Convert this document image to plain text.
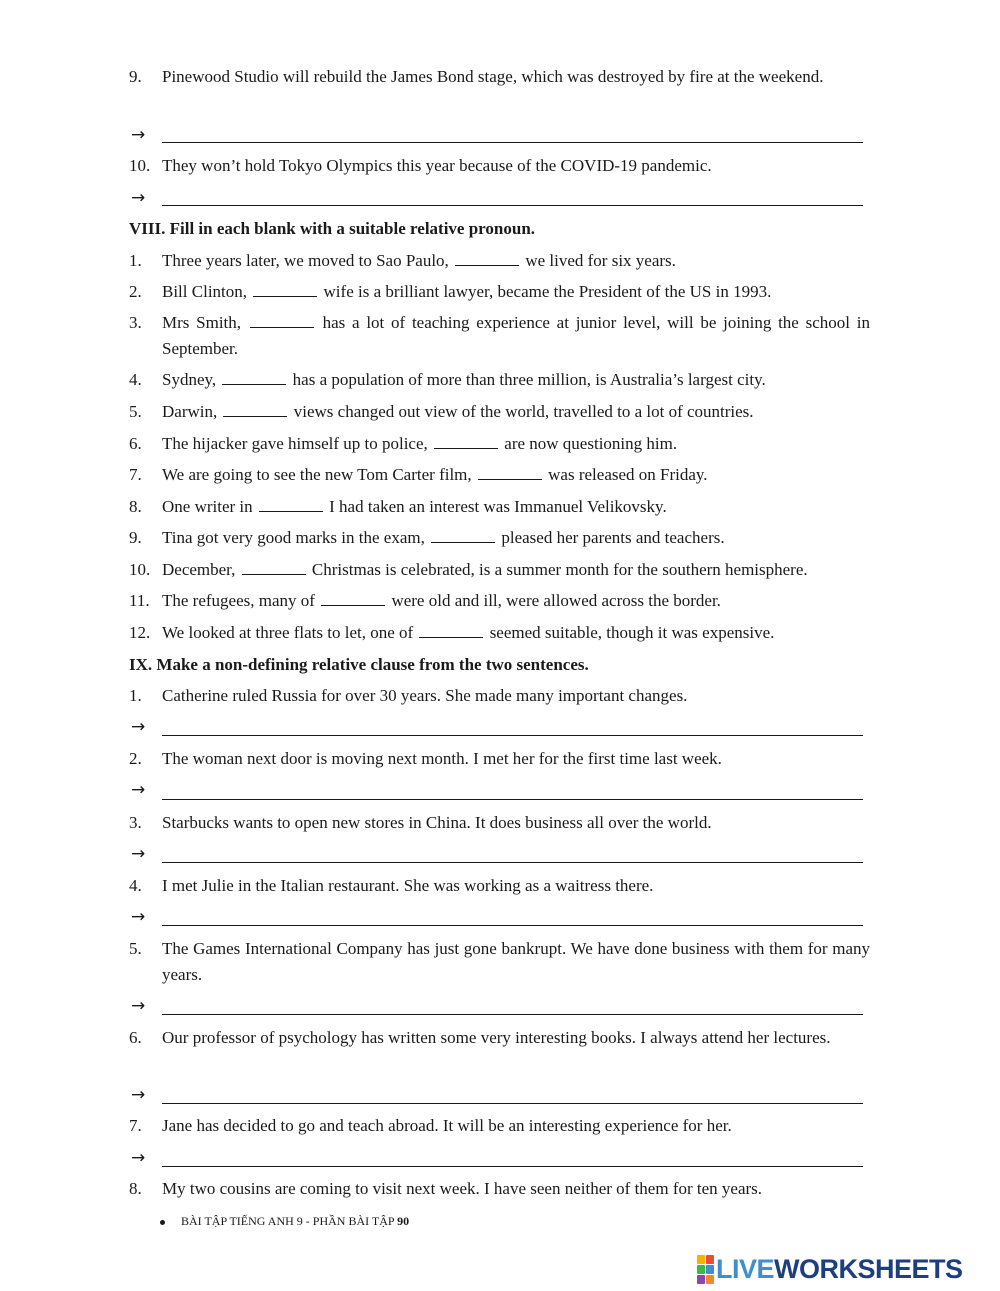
9. Pinewood Studio will rebuild the James Bond stage, which was destroyed by fire at the weekend.
→
10. They won’t hold Tokyo Olympics this year because of the COVID-19 pandemic.
→
VIII. Fill in each blank with a suitable relative pronoun.
1. Three years later, we moved to Sao Paulo,	we lived for six years.
2. Bill Clinton,	wife is a brilliant lawyer, became the President of the US in 1993.
3. Mrs Smith,	has a lot of teaching experience at junior level, will be joining the school in September.
4. Sydney,	has a population of more than three million, is Australia’s largest city.
5. Darwin,	views changed out view of the world, travelled to a lot of countries.
6. The hijacker gave himself up to police,	are now questioning him.
7. We are going to see the new Tom Carter film,	was released on Friday.
8. One writer in	I had taken an interest was Immanuel Velikovsky.
9. Tina got very good marks in the exam,	pleased her parents and teachers.
10. December,	Christmas is celebrated, is a summer month for the southern hemisphere.
11. The refugees, many of	were old and ill, were allowed across the border.
12. We looked at three flats to let, one of	seemed suitable, though it was expensive.
IX. Make a non-defining relative clause from the two sentences.
1. Catherine ruled Russia for over 30 years. She made many important changes.
→
2. The woman next door is moving next month. I met her for the first time last week.
→
3. Starbucks wants to open new stores in China. It does business all over the world.
→
4. I met Julie in the Italian restaurant. She was working as a waitress there.
→
5. The Games International Company has just gone bankrupt. We have done business with them for many years.
→
6. Our professor of psychology has written some very interesting books. I always attend her lectures.
→
7. Jane has decided to go and teach abroad. It will be an interesting experience for her.
→
8. My two cousins are coming to visit next week. I have seen neither of them for ten years.
BÀI TẬP TIẾNG ANH 9 - PHẦN BÀI TẬP 90
LIVEWORKSHEETS
